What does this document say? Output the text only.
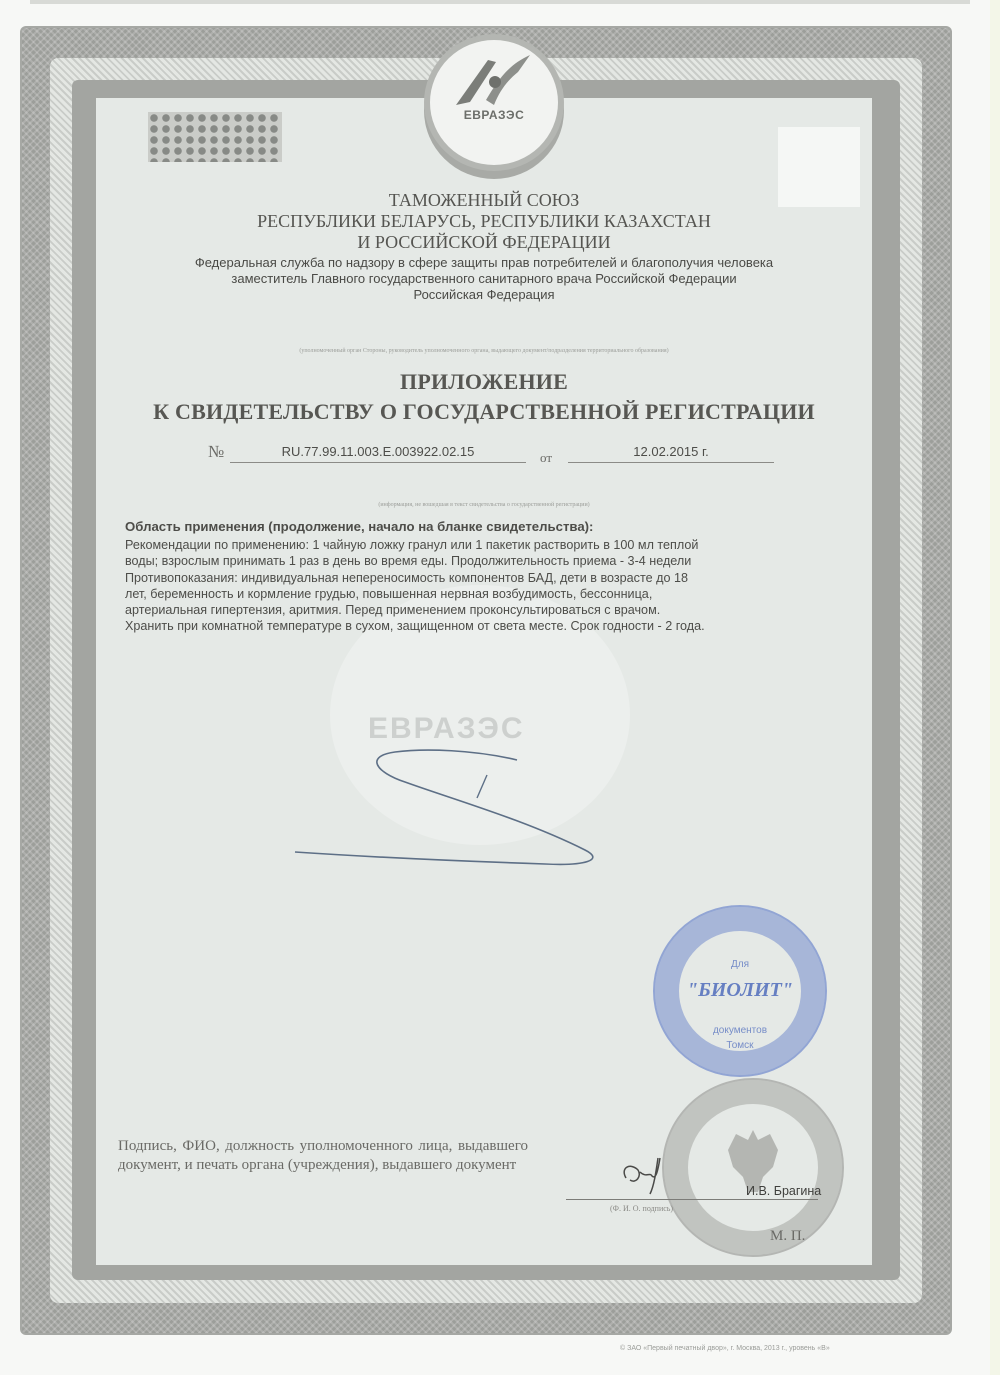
ЕВРАЗЭС
ЕВРАЗЭС
ТАМОЖЕННЫЙ СОЮЗ
РЕСПУБЛИКИ БЕЛАРУСЬ, РЕСПУБЛИКИ КАЗАХСТАН
И РОССИЙСКОЙ ФЕДЕРАЦИИ
Федеральная служба по надзору в сфере защиты прав потребителей и благополучия человека
заместитель Главного государственного санитарного врача Российской Федерации
Российская Федерация
(уполномоченный орган Стороны, руководитель уполномоченного органа, выдающего документ/подразделения территориального образования)
ПРИЛОЖЕНИЕ
К СВИДЕТЕЛЬСТВУ О ГОСУДАРСТВЕННОЙ РЕГИСТРАЦИИ
№	RU.77.99.11.003.E.003922.02.15	от	12.02.2015 г.
(информация, не вошедшая в текст свидетельства о государственной регистрации)
Область применения (продолжение, начало на бланке свидетельства):
Рекомендации по применению: 1 чайную ложку гранул или 1 пакетик растворить в 100 мл теплой
воды; взрослым принимать 1 раз в день во время еды. Продолжительность приема - 3-4 недели
Противопоказания: индивидуальная непереносимость компонентов БАД, дети в возрасте до 18
лет, беременность и кормление грудью, повышенная нервная возбудимость, бессонница,
артериальная гипертензия, аритмия. Перед применением проконсультироваться с врачом.
Хранить при комнатной температуре в сухом, защищенном от света месте. Срок годности - 2 года.
Для
"БИОЛИТ"
документов
Томск
Подпись, ФИО, должность уполномоченного лица, выдавшего документ, и печать органа (учреждения), выдавшего документ
И.В. Брагина
(Ф. И. О. подпись)
М. П.
© ЗАО «Первый печатный двор», г. Москва, 2013 г., уровень «В»
